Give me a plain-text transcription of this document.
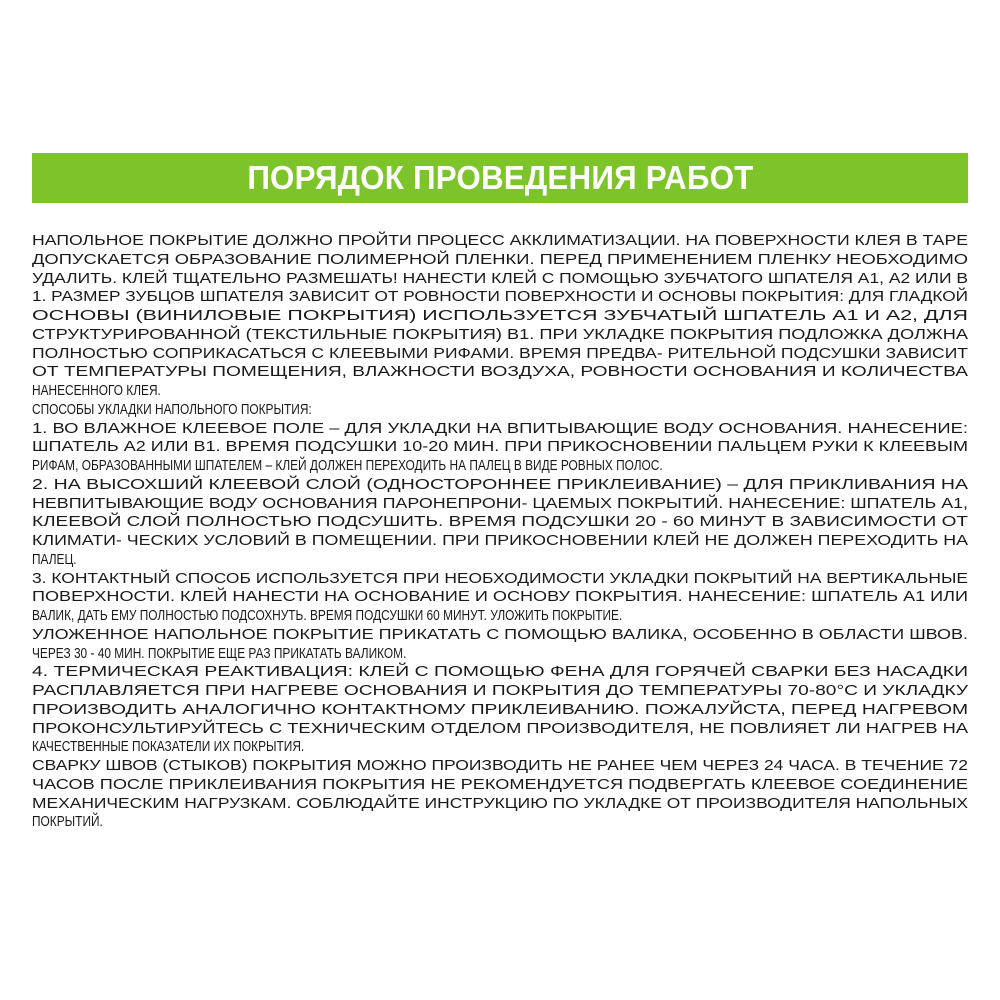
ПОРЯДОК ПРОВЕДЕНИЯ РАБОТ
НАПОЛЬНОЕ ПОКРЫТИЕ ДОЛЖНО ПРОЙТИ ПРОЦЕСС АККЛИМАТИЗАЦИИ. НА ПОВЕРХНОСТИ КЛЕЯ В ТАРЕ
ДОПУСКАЕТСЯ ОБРАЗОВАНИЕ ПОЛИМЕРНОЙ ПЛЕНКИ. ПЕРЕД ПРИМЕНЕНИЕМ ПЛЕНКУ НЕОБХОДИМО
УДАЛИТЬ. КЛЕЙ ТЩАТЕЛЬНО РАЗМЕШАТЬ! НАНЕСТИ КЛЕЙ С ПОМОЩЬЮ ЗУБЧАТОГО ШПАТЕЛЯ А1, А2 ИЛИ В
1. РАЗМЕР ЗУБЦОВ ШПАТЕЛЯ ЗАВИСИТ ОТ РОВНОСТИ ПОВЕРХНОСТИ И ОСНОВЫ ПОКРЫТИЯ: ДЛЯ ГЛАДКОЙ
ОСНОВЫ (ВИНИЛОВЫЕ ПОКРЫТИЯ) ИСПОЛЬЗУЕТСЯ ЗУБЧАТЫЙ ШПАТЕЛЬ А1 И А2, ДЛЯ
СТРУКТУРИРОВАННОЙ (ТЕКСТИЛЬНЫЕ ПОКРЫТИЯ) В1. ПРИ УКЛАДКЕ ПОКРЫТИЯ ПОДЛОЖКА ДОЛЖНА
ПОЛНОСТЬЮ СОПРИКАСАТЬСЯ С КЛЕЕВЫМИ РИФАМИ. ВРЕМЯ ПРЕДВА- РИТЕЛЬНОЙ ПОДСУШКИ ЗАВИСИТ
ОТ ТЕМПЕРАТУРЫ ПОМЕЩЕНИЯ, ВЛАЖНОСТИ ВОЗДУХА, РОВНОСТИ ОСНОВАНИЯ И КОЛИЧЕСТВА
НАНЕСЕННОГО КЛЕЯ.
СПОСОБЫ УКЛАДКИ НАПОЛЬНОГО ПОКРЫТИЯ:
1. ВО ВЛАЖНОЕ КЛЕЕВОЕ ПОЛЕ – ДЛЯ УКЛАДКИ НА ВПИТЫВАЮЩИЕ ВОДУ ОСНОВАНИЯ. НАНЕСЕНИЕ:
ШПАТЕЛЬ А2 ИЛИ В1. ВРЕМЯ ПОДСУШКИ 10-20 МИН. ПРИ ПРИКОСНОВЕНИИ ПАЛЬЦЕМ РУКИ К КЛЕЕВЫМ
РИФАМ, ОБРАЗОВАННЫМИ ШПАТЕЛЕМ – КЛЕЙ ДОЛЖЕН ПЕРЕХОДИТЬ НА ПАЛЕЦ В ВИДЕ РОВНЫХ ПОЛОС.
2. НА ВЫСОХШИЙ КЛЕЕВОЙ СЛОЙ (ОДНОСТОРОННЕЕ ПРИКЛЕИВАНИЕ) – ДЛЯ ПРИКЛИВАНИЯ НА
НЕВПИТЫВАЮЩИЕ ВОДУ ОСНОВАНИЯ ПАРОНЕПРОНИ- ЦАЕМЫХ ПОКРЫТИЙ. НАНЕСЕНИЕ: ШПАТЕЛЬ А1,
КЛЕЕВОЙ СЛОЙ ПОЛНОСТЬЮ ПОДСУШИТЬ. ВРЕМЯ ПОДСУШКИ 20 - 60 МИНУТ В ЗАВИСИМОСТИ ОТ
КЛИМАТИ- ЧЕСКИХ УСЛОВИЙ В ПОМЕЩЕНИИ. ПРИ ПРИКОСНОВЕНИИ КЛЕЙ НЕ ДОЛЖЕН ПЕРЕХОДИТЬ НА
ПАЛЕЦ.
3. КОНТАКТНЫЙ СПОСОБ ИСПОЛЬЗУЕТСЯ ПРИ НЕОБХОДИМОСТИ УКЛАДКИ ПОКРЫТИЙ НА ВЕРТИКАЛЬНЫЕ
ПОВЕРХНОСТИ. КЛЕЙ НАНЕСТИ НА ОСНОВАНИЕ И ОСНОВУ ПОКРЫТИЯ. НАНЕСЕНИЕ: ШПАТЕЛЬ А1 ИЛИ
ВАЛИК, ДАТЬ ЕМУ ПОЛНОСТЬЮ ПОДСОХНУТЬ. ВРЕМЯ ПОДСУШКИ 60 МИНУТ. УЛОЖИТЬ ПОКРЫТИЕ.
УЛОЖЕННОЕ НАПОЛЬНОЕ ПОКРЫТИЕ ПРИКАТАТЬ С ПОМОЩЬЮ ВАЛИКА, ОСОБЕННО В ОБЛАСТИ ШВОВ.
ЧЕРЕЗ 30 - 40 МИН. ПОКРЫТИЕ ЕЩЕ РАЗ ПРИКАТАТЬ ВАЛИКОМ.
4. ТЕРМИЧЕСКАЯ РЕАКТИВАЦИЯ: КЛЕЙ С ПОМОЩЬЮ ФЕНА ДЛЯ ГОРЯЧЕЙ СВАРКИ БЕЗ НАСАДКИ
РАСПЛАВЛЯЕТСЯ ПРИ НАГРЕВЕ ОСНОВАНИЯ И ПОКРЫТИЯ ДО ТЕМПЕРАТУРЫ 70-80°С И УКЛАДКУ
ПРОИЗВОДИТЬ АНАЛОГИЧНО КОНТАКТНОМУ ПРИКЛЕИВАНИЮ. ПОЖАЛУЙСТА, ПЕРЕД НАГРЕВОМ
ПРОКОНСУЛЬТИРУЙТЕСЬ С ТЕХНИЧЕСКИМ ОТДЕЛОМ ПРОИЗВОДИТЕЛЯ, НЕ ПОВЛИЯЕТ ЛИ НАГРЕВ НА
КАЧЕСТВЕННЫЕ ПОКАЗАТЕЛИ ИХ ПОКРЫТИЯ.
СВАРКУ ШВОВ (СТЫКОВ) ПОКРЫТИЯ МОЖНО ПРОИЗВОДИТЬ НЕ РАНЕЕ ЧЕМ ЧЕРЕЗ 24 ЧАСА. В ТЕЧЕНИЕ 72
ЧАСОВ ПОСЛЕ ПРИКЛЕИВАНИЯ ПОКРЫТИЯ НЕ РЕКОМЕНДУЕТСЯ ПОДВЕРГАТЬ КЛЕЕВОЕ СОЕДИНЕНИЕ
МЕХАНИЧЕСКИМ НАГРУЗКАМ. СОБЛЮДАЙТЕ ИНСТРУКЦИЮ ПО УКЛАДКЕ ОТ ПРОИЗВОДИТЕЛЯ НАПОЛЬНЫХ
ПОКРЫТИЙ.
